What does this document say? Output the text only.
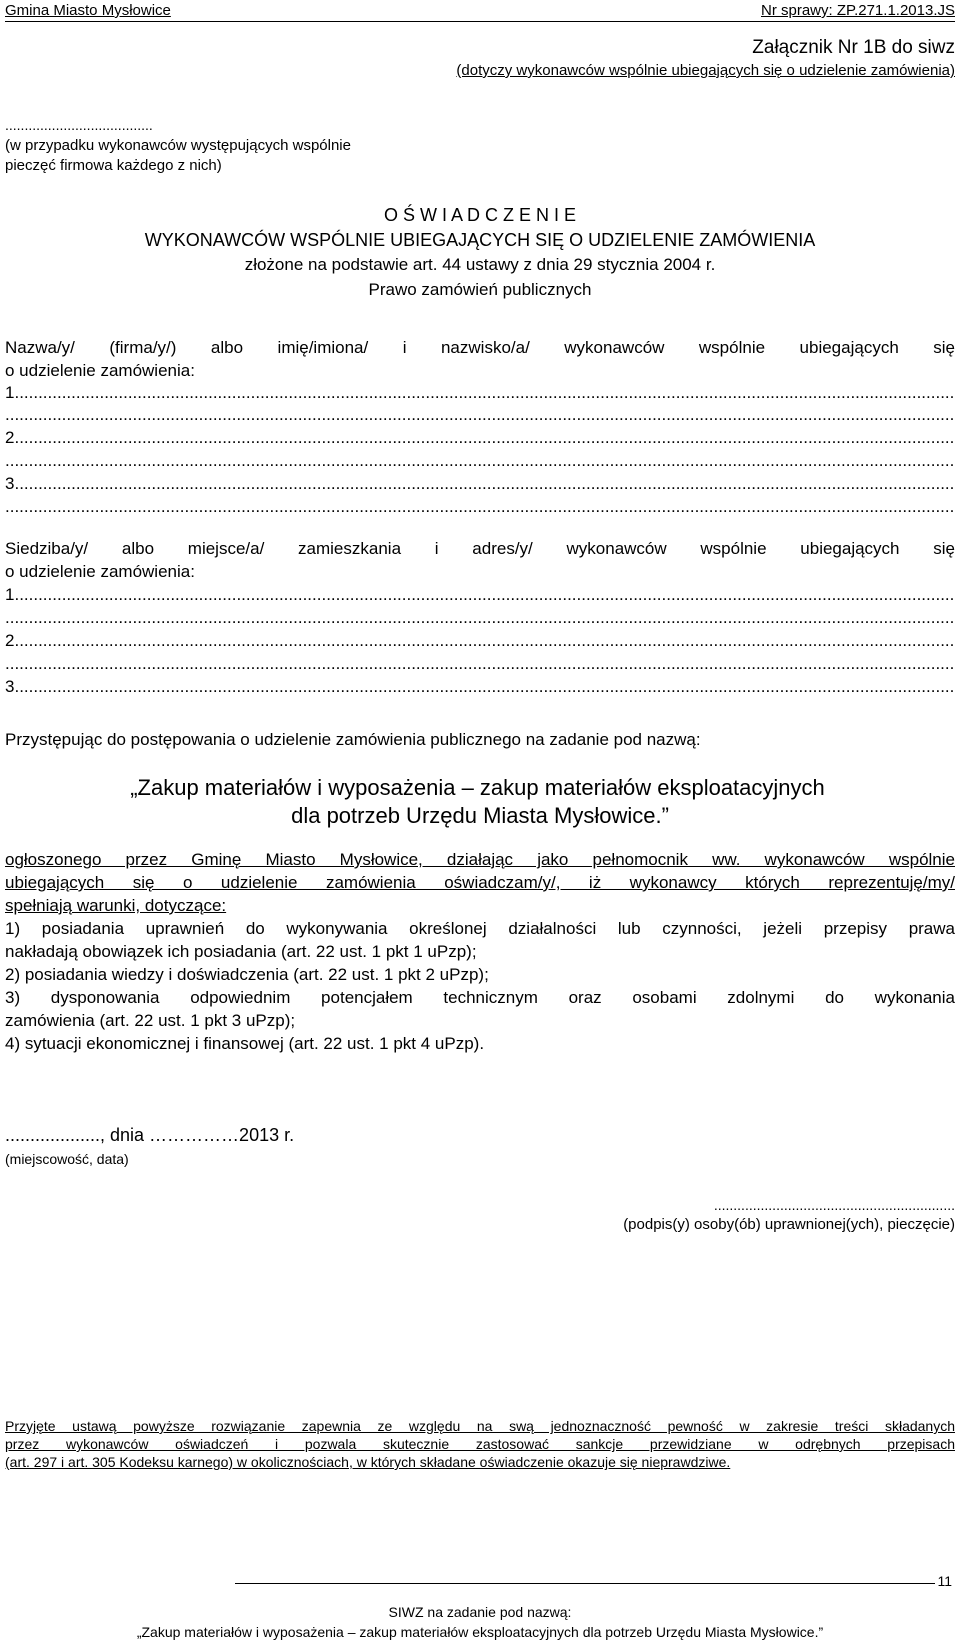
Gmina Miasto Mysłowice	Nr sprawy: ZP.271.1.2013.JS
Załącznik Nr 1B do siwz
(dotyczy wykonawców wspólnie ubiegających się o udzielenie zamówienia)
......................................
(w przypadku wykonawców występujących wspólnie
pieczęć firmowa każdego z nich)
O Ś W I A D C Z E N I E
WYKONAWCÓW WSPÓLNIE UBIEGAJĄCYCH SIĘ O UDZIELENIE ZAMÓWIENIA
złożone na podstawie art. 44 ustawy z dnia 29 stycznia 2004 r.
Prawo zamówień publicznych
Nazwa/y/ (firma/y/) albo imię/imiona/ i nazwisko/a/ wykonawców wspólnie ubiegających się
o udzielenie zamówienia:
1. .....
.....
2. .....
.....
3. .....
.....
Siedziba/y/ albo miejsce/a/ zamieszkania i adres/y/ wykonawców wspólnie ubiegających się
o udzielenie zamówienia:
1. .....
.....
2. .....
.....
3. .....
Przystępując do postępowania o udzielenie zamówienia publicznego na zadanie pod nazwą:
„Zakup materiałów i wyposażenia – zakup materiałów eksploatacyjnych
dla potrzeb Urzędu Miasta Mysłowice.”
ogłoszonego przez Gminę Miasto Mysłowice, działając jako pełnomocnik ww. wykonawców wspólnie
ubiegających się o udzielenie zamówienia oświadczam/y/, iż wykonawcy których reprezentuję/my/
spełniają warunki, dotyczące:
1) posiadania uprawnień do wykonywania określonej działalności lub czynności, jeżeli przepisy prawa
nakładają obowiązek ich posiadania (art. 22 ust. 1 pkt 1 uPzp);
2) posiadania wiedzy i doświadczenia (art. 22 ust. 1 pkt 2 uPzp);
3) dysponowania odpowiednim potencjałem technicznym oraz osobami zdolnymi do wykonania
zamówienia (art. 22 ust. 1 pkt 3 uPzp);
4) sytuacji ekonomicznej i finansowej (art. 22 ust. 1 pkt 4 uPzp).
..................., dnia ……………2013 r.
(miejscowość, data)
..............................................................
(podpis(y) osoby(ób) uprawnionej(ych), pieczęcie)
Przyjęte ustawą powyższe rozwiązanie zapewnia ze względu na swą jednoznaczność pewność w zakresie treści składanych
przez wykonawców oświadczeń i pozwala skutecznie zastosować sankcje przewidziane w odrębnych przepisach
(art. 297 i art. 305 Kodeksu karnego) w okolicznościach, w których składane oświadczenie okazuje się nieprawdziwe.
11
SIWZ na zadanie pod nazwą:
„Zakup materiałów i wyposażenia – zakup materiałów eksploatacyjnych dla potrzeb Urzędu Miasta Mysłowice.”
